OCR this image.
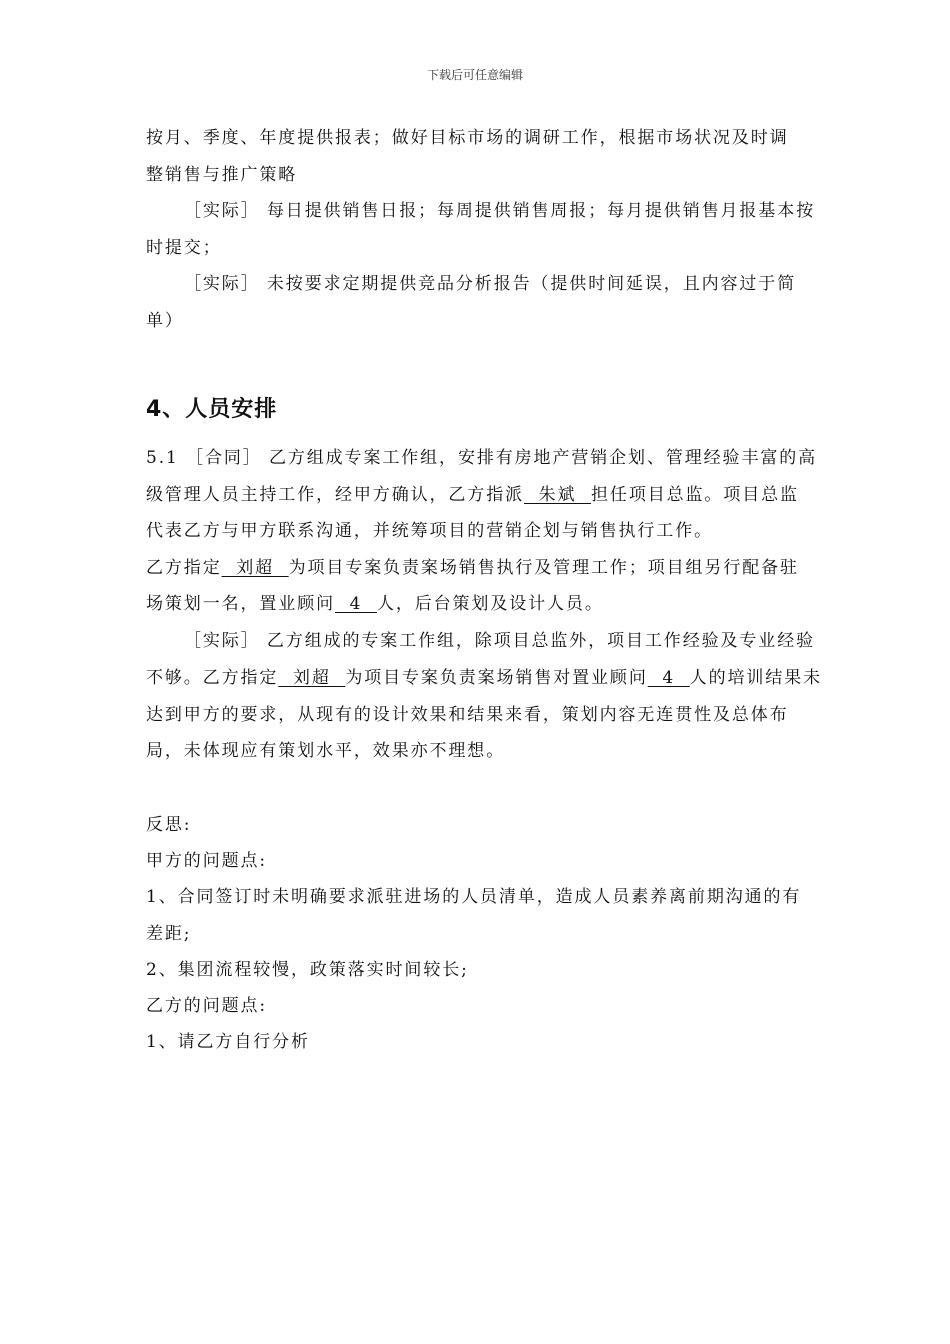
下载后可任意编辑
按月、季度、年度提供报表；做好目标市场的调研工作，根据市场状况及时调
整销售与推广策略
［实际］ 每日提供销售日报；每周提供销售周报；每月提供销售月报基本按
时提交；
［实际］ 未按要求定期提供竞品分析报告（提供时间延误，且内容过于简
单）
4、人员安排
5.1 ［合同］ 乙方组成专案工作组，安排有房地产营销企划、管理经验丰富的高
级管理人员主持工作，经甲方确认，乙方指派  朱斌  担任项目总监。项目总监
代表乙方与甲方联系沟通，并统筹项目的营销企划与销售执行工作。
乙方指定  刘超  为项目专案负责案场销售执行及管理工作；项目组另行配备驻
场策划一名，置业顾问  4  人，后台策划及设计人员。
［实际］ 乙方组成的专案工作组，除项目总监外，项目工作经验及专业经验
不够。乙方指定  刘超  为项目专案负责案场销售对置业顾问  4  人的培训结果未
达到甲方的要求，从现有的设计效果和结果来看，策划内容无连贯性及总体布
局，未体现应有策划水平，效果亦不理想。
反思:
甲方的问题点:
1、合同签订时未明确要求派驻进场的人员清单，造成人员素养离前期沟通的有
差距;
2、集团流程较慢，政策落实时间较长;
乙方的问题点:
1、请乙方自行分析
